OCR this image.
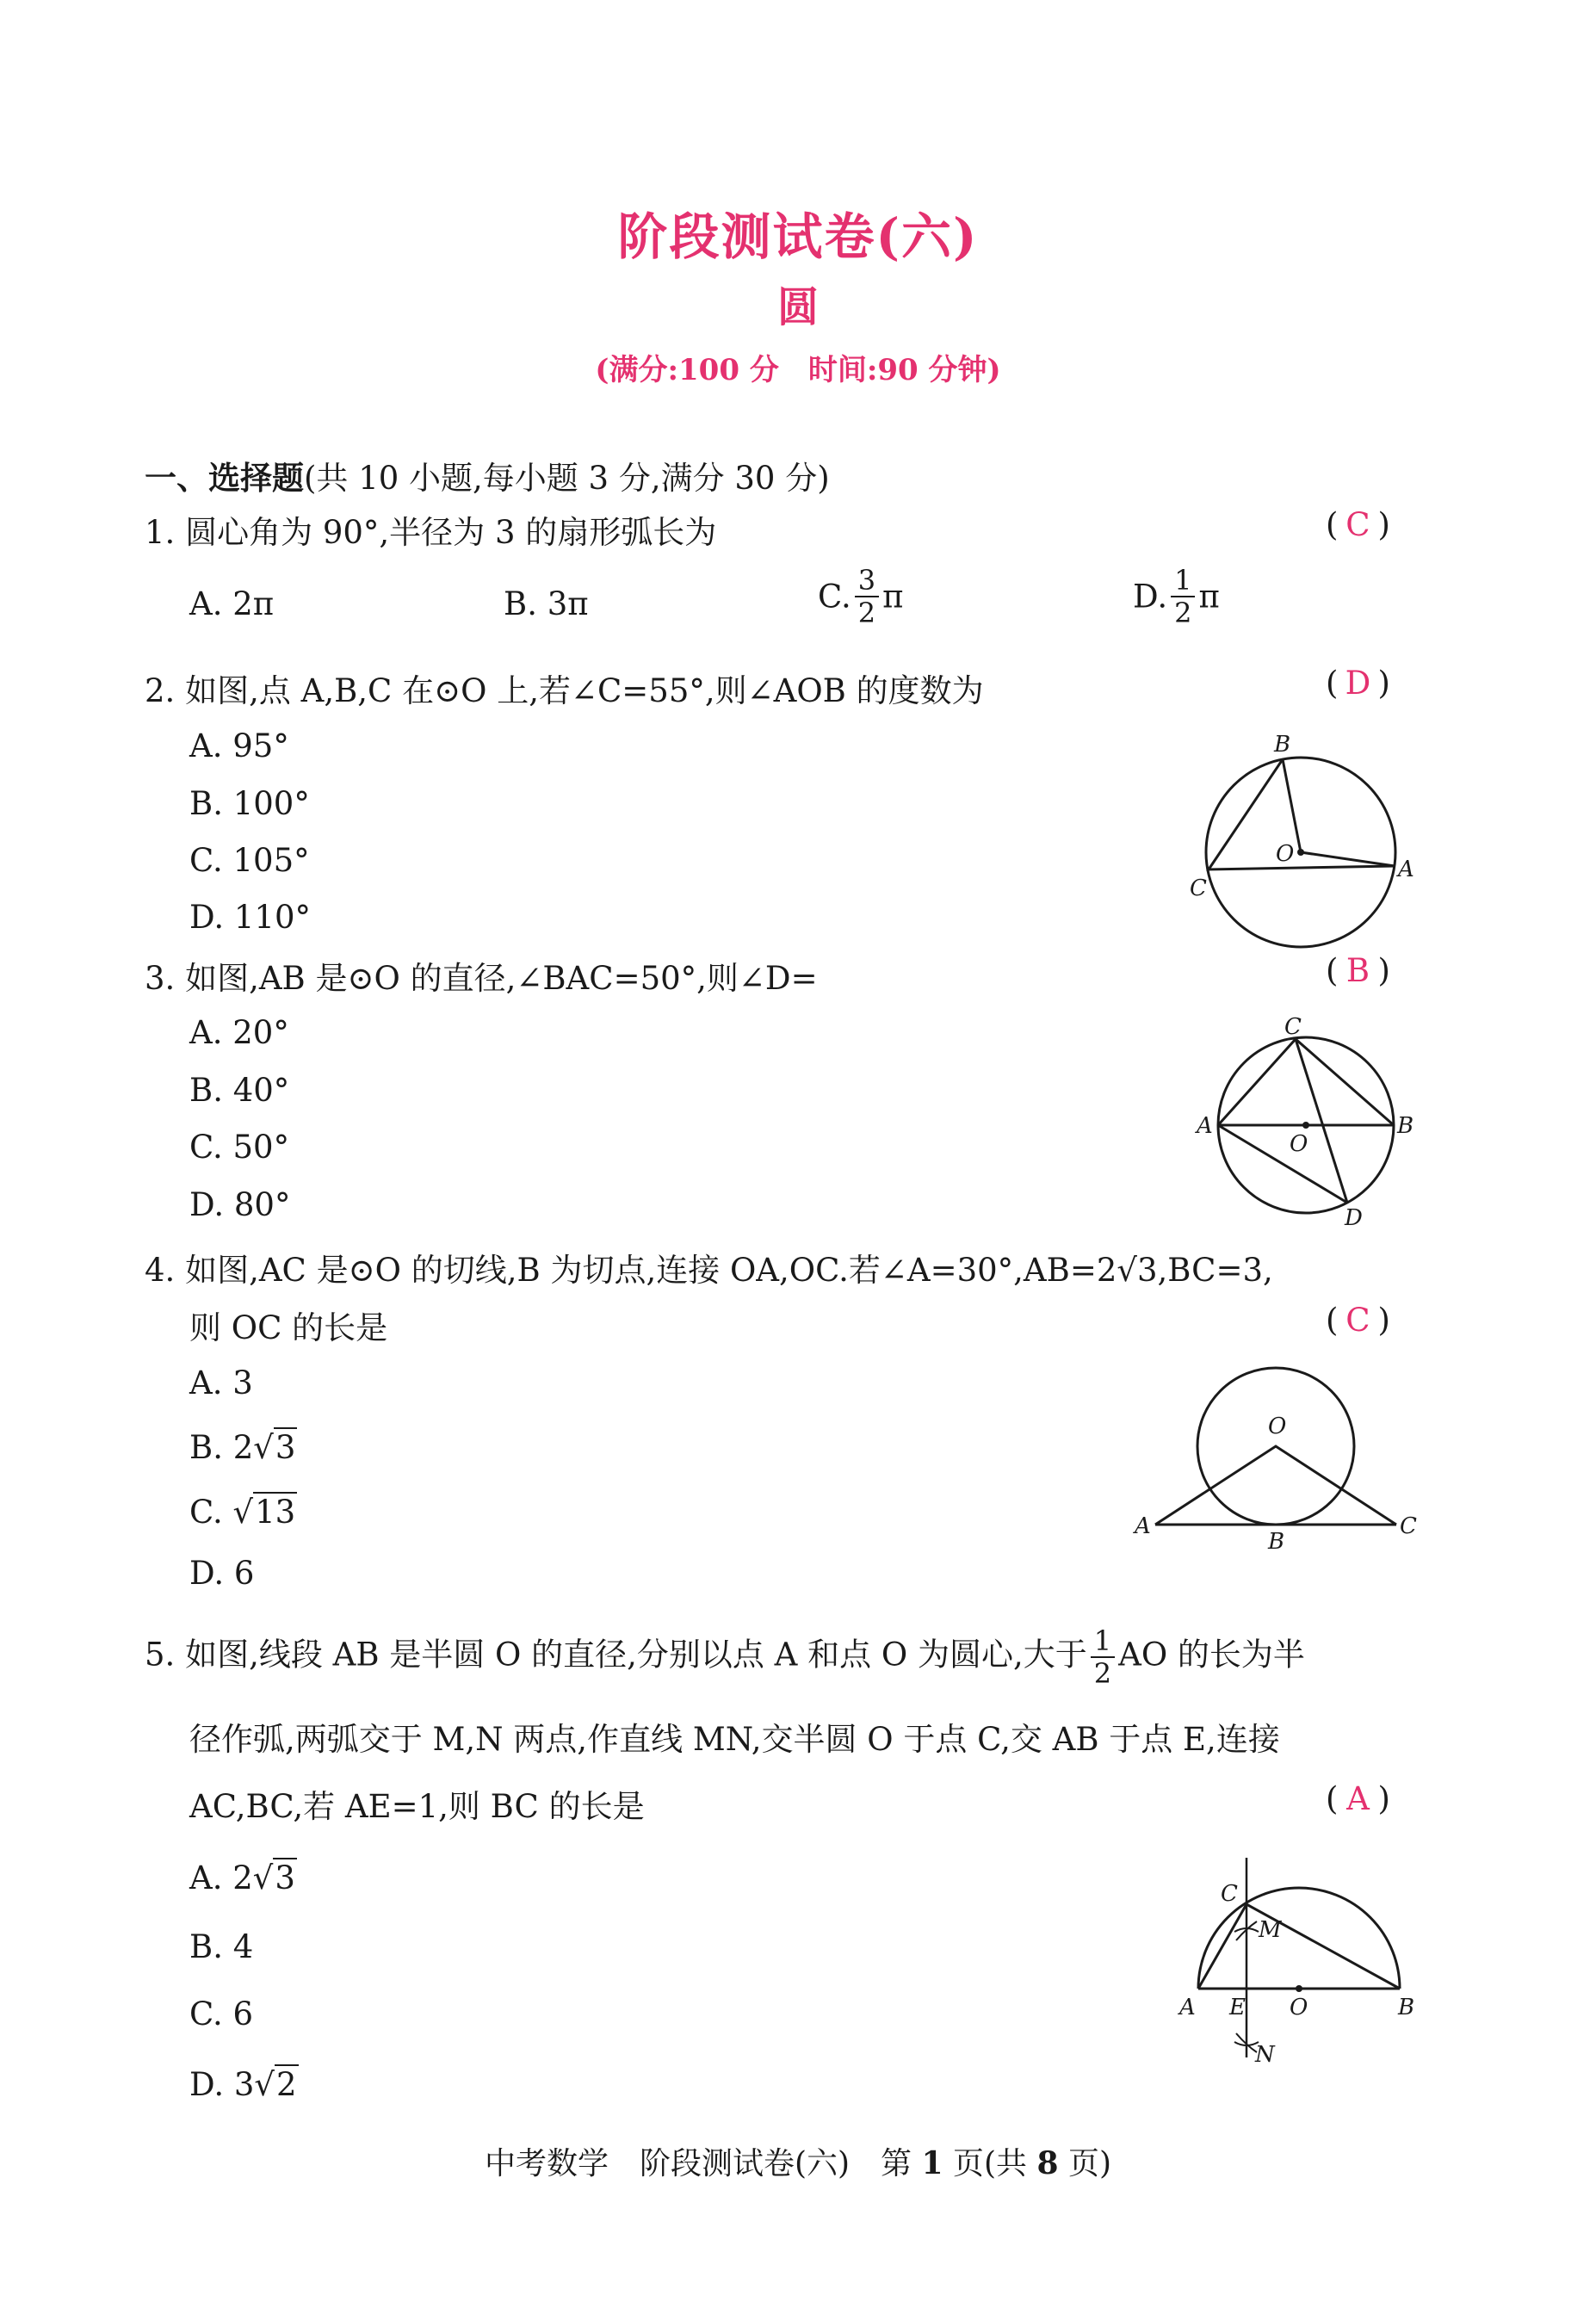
阶段测试卷(六)
圆
(满分:100 分　时间:90 分钟)
一、选择题(共 10 小题,每小题 3 分,满分 30 分)
1. 圆心角为 90°,半径为 3 的扇形弧长为	( C )
A. 2π	B. 3π	C. $\frac{3}{2}$ π	D. $\frac{1}{2}$ π
2. 如图,点 A,B,C 在⊙O 上,若∠C=55°,则∠AOB 的度数为	( D )
A. 95°
B. 100°
C. 105°
D. 110°
B
O
A
C
3. 如图,AB 是⊙O 的直径,∠BAC=50°,则∠D=	( B )
A. 20°
B. 40°
C. 50°
D. 80°
C
A
O
B
D
4. 如图,AC 是⊙O 的切线,B 为切点,连接 OA,OC.若∠A=30°,AB=2√3,BC=3,
则 OC 的长是	( C )
A. 3
B. 2√3
C. √13
D. 6
O
A
B
C
5. 如图,线段 AB 是半圆 O 的直径,分别以点 A 和点 O 为圆心,大于 $\frac{1}{2}$ AO 的长为半
径作弧,两弧交于 M,N 两点,作直线 MN,交半圆 O 于点 C,交 AB 于点 E,连接
AC,BC,若 AE=1,则 BC 的长是	( A )
A. 2√3
B. 4
C. 6
D. 3√2
C
M
A E O	B
N
中考数学　阶段测试卷(六)　第 1 页(共 8 页)
